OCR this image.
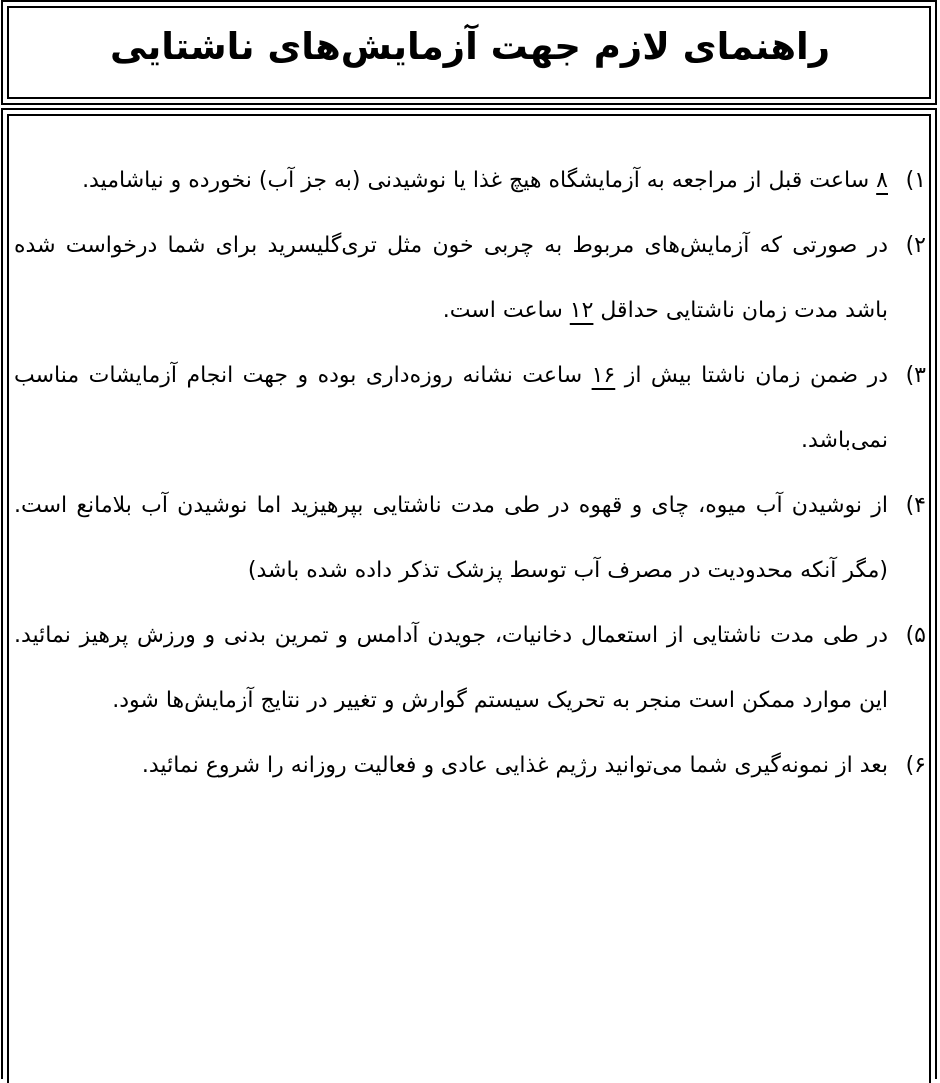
راهنمای لازم جهت آزمایش‌های ناشتایی
۱)
۸ ساعت قبل از مراجعه به آزمایشگاه هیچ غذا یا نوشیدنی (به جز آب) نخورده و نیاشامید.
۲)
در صورتی که آزمایش‌های مربوط به چربی خون مثل تری‌گلیسرید برای شما درخواست شده باشد مدت زمان ناشتایی حداقل ۱۲ ساعت است.
۳)
در ضمن زمان ناشتا بیش از ۱۶ ساعت نشانه روزه‌داری بوده و جهت انجام آزمایشات مناسب نمی‌باشد.
۴)
از نوشیدن آب میوه، چای و قهوه در طی مدت ناشتایی بپرهیزید اما نوشیدن آب بلامانع است. (مگر آنکه محدودیت در مصرف آب توسط پزشک تذکر داده شده باشد)
۵)
در طی مدت ناشتایی از استعمال دخانیات، جویدن آدامس و تمرین بدنی و ورزش پرهیز نمائید. این موارد ممکن است منجر به تحریک سیستم گوارش و تغییر در نتایج آزمایش‌ها شود.
۶)
بعد از نمونه‌گیری شما می‌توانید رژیم غذایی عادی و فعالیت روزانه را شروع نمائید.
